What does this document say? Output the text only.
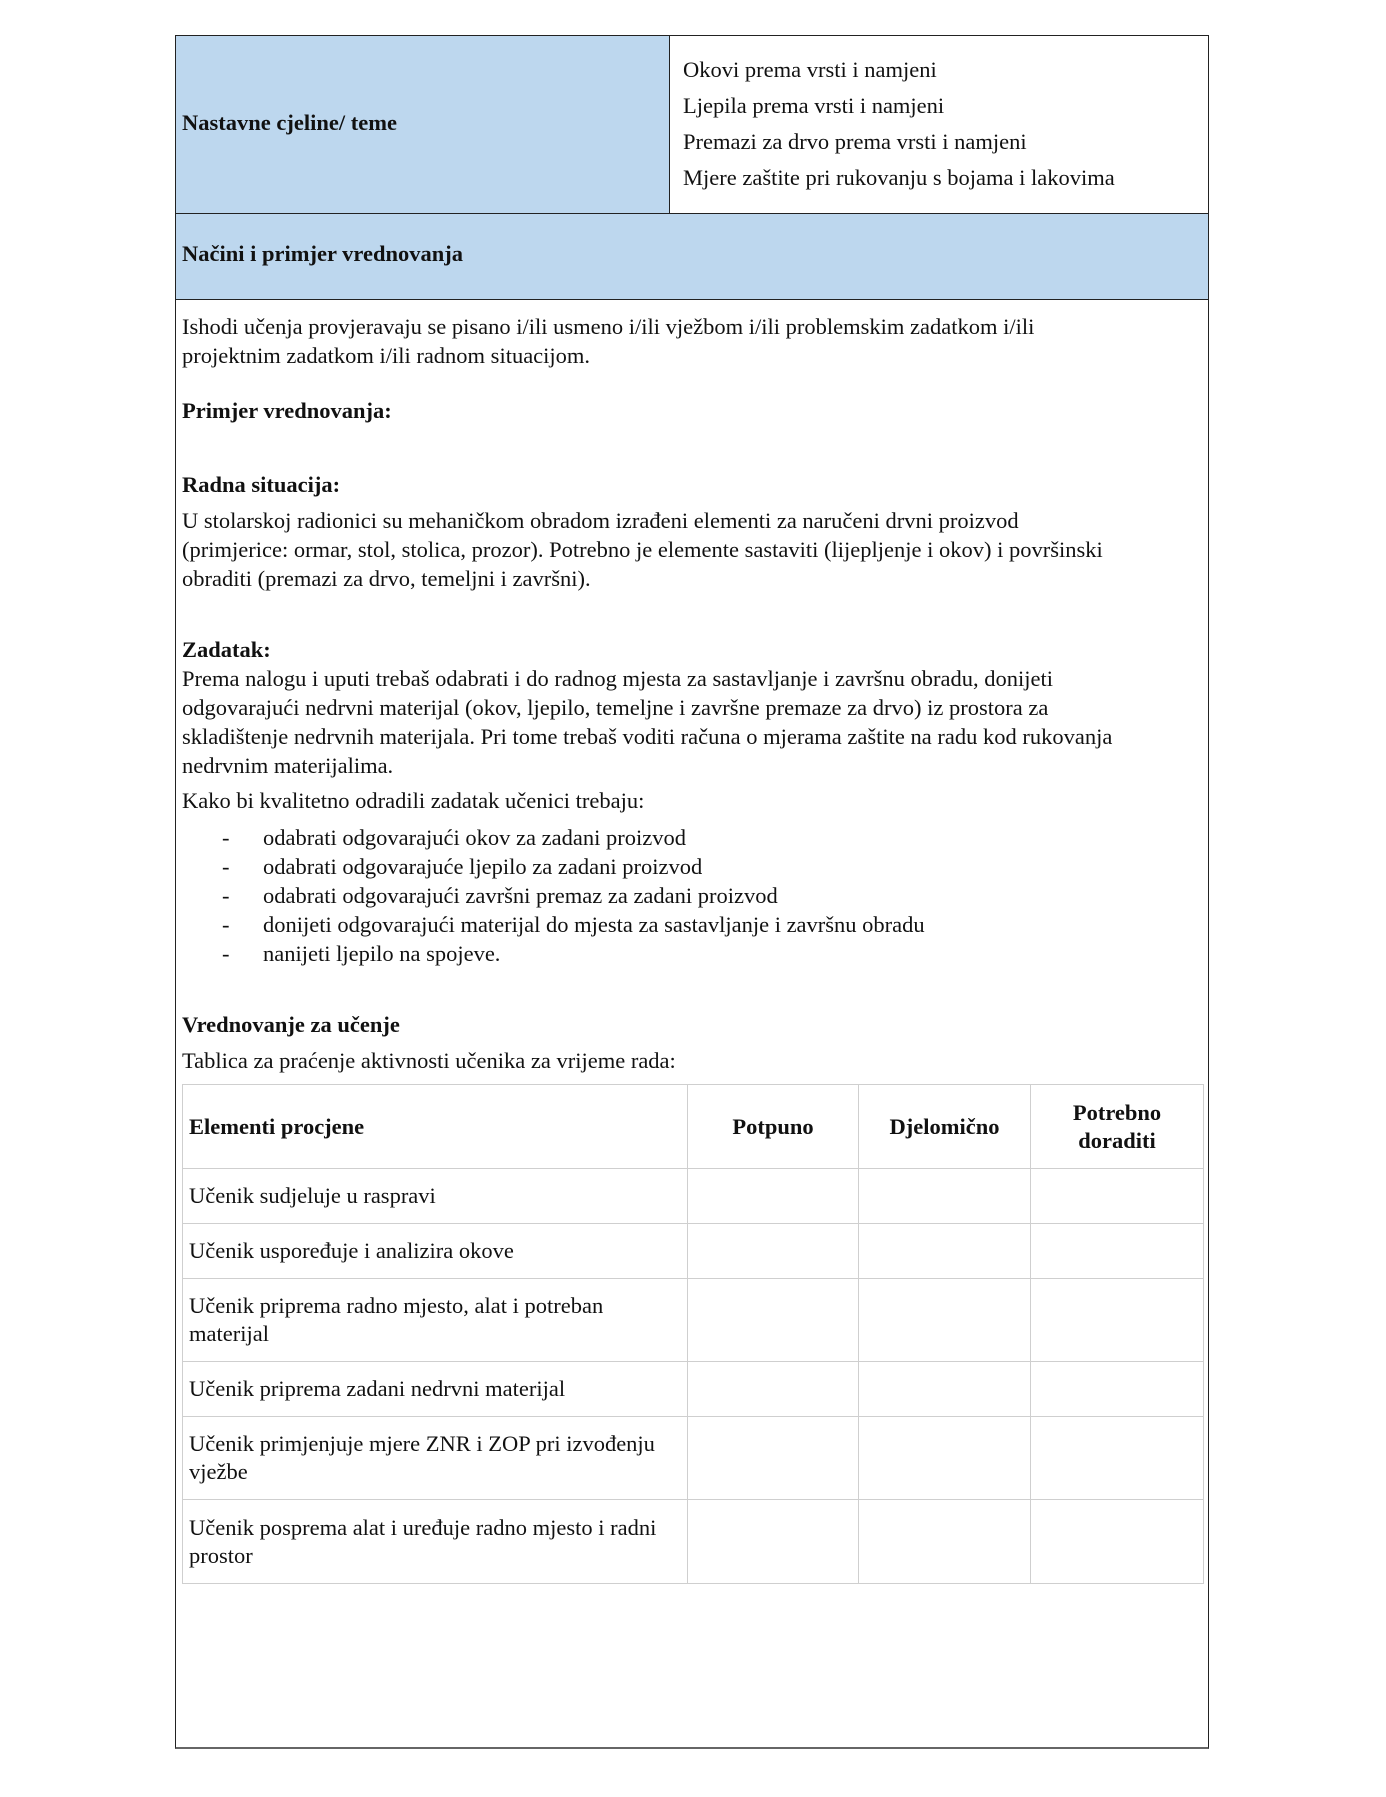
Nastavne cjeline/ teme
Okovi prema vrsti i namjeni
Ljepila prema vrsti i namjeni
Premazi za drvo prema vrsti i namjeni
Mjere zaštite pri rukovanju s bojama i lakovima
Načini i primjer vrednovanja
Ishodi učenja provjeravaju se pisano i/ili usmeno i/ili vježbom i/ili problemskim zadatkom i/ili
projektnim zadatkom i/ili radnom situacijom.
Primjer vrednovanja:
Radna situacija:
U stolarskoj radionici su mehaničkom obradom izrađeni elementi za naručeni drvni proizvod
(primjerice: ormar, stol, stolica, prozor). Potrebno je elemente sastaviti (lijepljenje i okov) i površinski
obraditi (premazi za drvo, temeljni i završni).
Zadatak:
Prema nalogu i uputi trebaš odabrati i do radnog mjesta za sastavljanje i završnu obradu, donijeti
odgovarajući nedrvni materijal (okov, ljepilo, temeljne i završne premaze za drvo) iz prostora za
skladištenje nedrvnih materijala. Pri tome trebaš voditi računa o mjerama zaštite na radu kod rukovanja
nedrvnim materijalima.
Kako bi kvalitetno odradili zadatak učenici trebaju:
- odabrati odgovarajući okov za zadani proizvod
- odabrati odgovarajuće ljepilo za zadani proizvod
- odabrati odgovarajući završni premaz za zadani proizvod
- donijeti odgovarajući materijal do mjesta za sastavljanje i završnu obradu
- nanijeti ljepilo na spojeve.
Vrednovanje za učenje
Tablica za praćenje aktivnosti učenika za vrijeme rada:
Elementi procjene	Potpuno	Djelomično	Potrebno doraditi
Učenik sudjeluje u raspravi			
Učenik uspoređuje i analizira okove			
Učenik priprema radno mjesto, alat i potreban materijal			
Učenik priprema zadani nedrvni materijal			
Učenik primjenjuje mjere ZNR i ZOP pri izvođenju vježbe			
Učenik posprema alat i uređuje radno mjesto i radni prostor			
